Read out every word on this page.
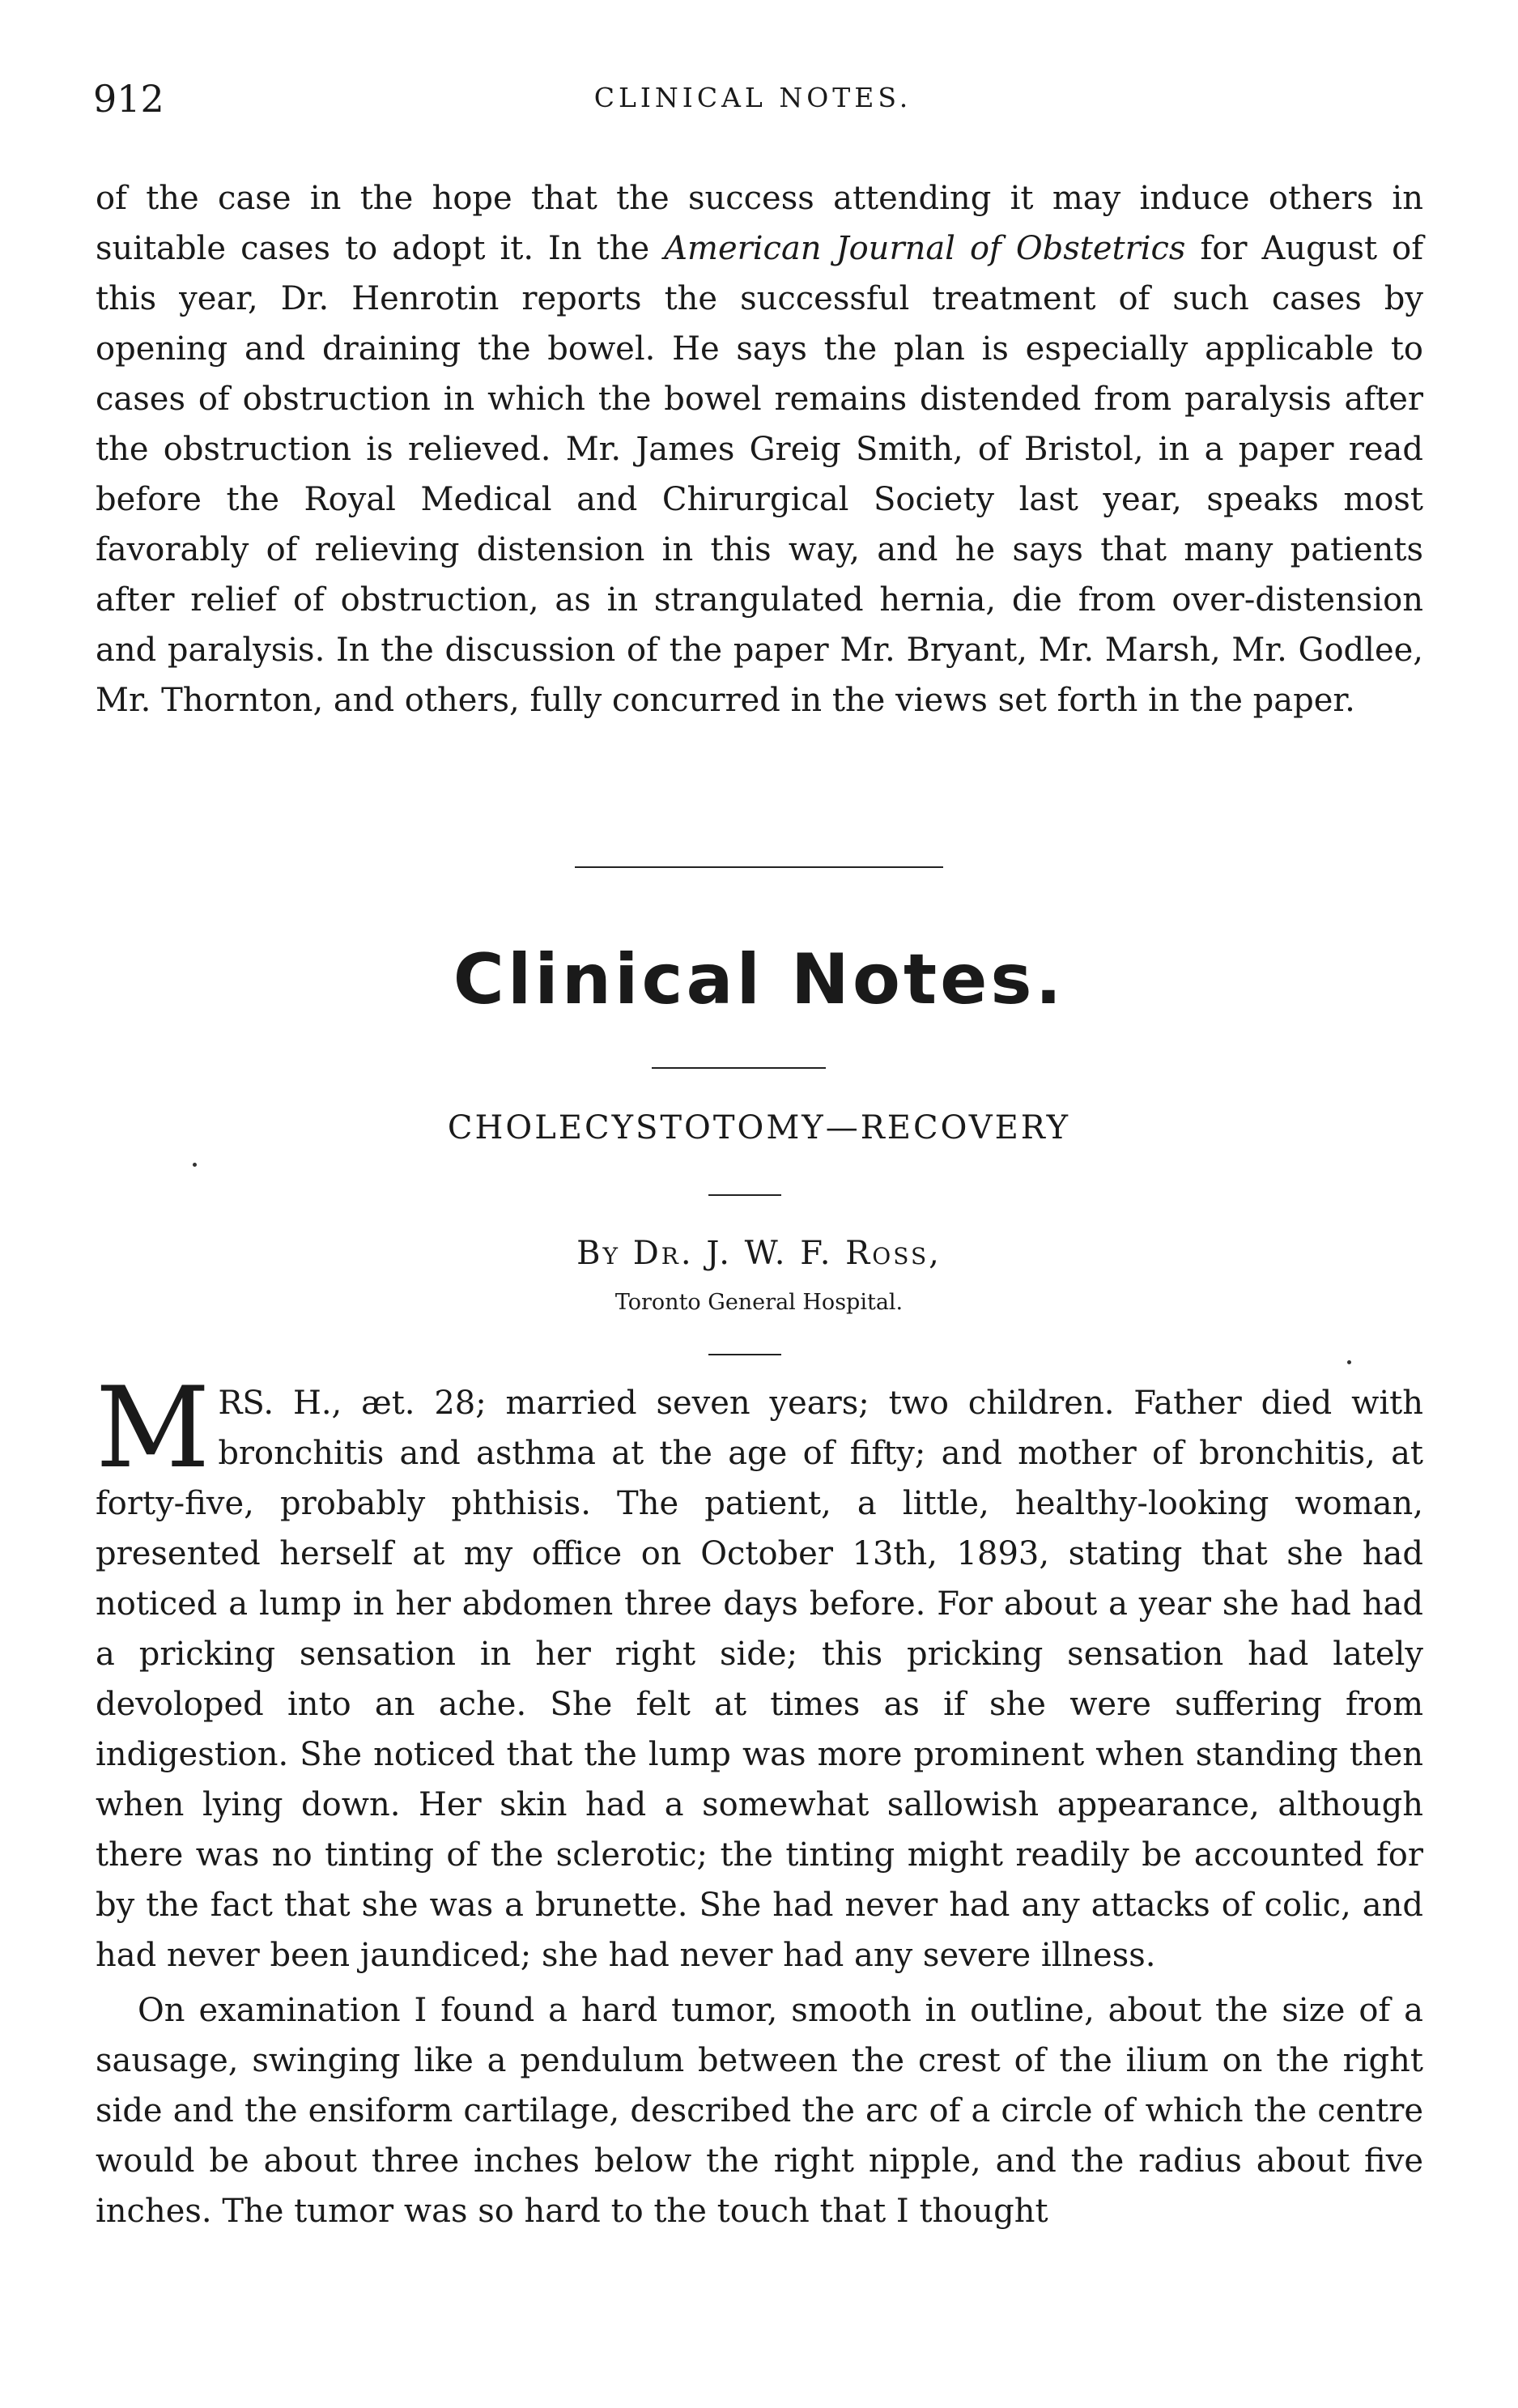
912	CLINICAL NOTES.

of the case in the hope that the success attending it may induce others in suitable cases to adopt it. In the American Journal of Obstetrics for August of this year, Dr. Henrotin reports the successful treatment of such cases by opening and draining the bowel. He says the plan is especially applicable to cases of obstruction in which the bowel remains distended from paralysis after the obstruction is relieved. Mr. James Greig Smith, of Bristol, in a paper read before the Royal Medical and Chirurgical Society last year, speaks most favorably of relieving distension in this way, and he says that many patients after relief of obstruction, as in strangulated hernia, die from over-distension and paralysis. In the discussion of the paper Mr. Bryant, Mr. Marsh, Mr. Godlee, Mr. Thornton, and others, fully concurred in the views set forth in the paper.

Clinical Notes.
CHOLECYSTOTOMY—RECOVERY
By Dr. J. W. F. Ross,
Toronto General Hospital.

MRS. H., æt. 28; married seven years; two children. Father died with bronchitis and asthma at the age of fifty; and mother of bronchitis, at forty-five, probably phthisis. The patient, a little, healthy-looking woman, presented herself at my office on October 13th, 1893, stating that she had noticed a lump in her abdomen three days before. For about a year she had had a pricking sensation in her right side; this pricking sensation had lately devoloped into an ache. She felt at times as if she were suffering from indigestion. She noticed that the lump was more prominent when standing then when lying down. Her skin had a somewhat sallowish appearance, although there was no tinting of the sclerotic; the tinting might readily be accounted for by the fact that she was a brunette. She had never had any attacks of colic, and had never been jaundiced; she had never had any severe illness.

On examination I found a hard tumor, smooth in outline, about the size of a sausage, swinging like a pendulum between the crest of the ilium on the right side and the ensiform cartilage, described the arc of a circle of which the centre would be about three inches below the right nipple, and the radius about five inches. The tumor was so hard to the touch that I thought
